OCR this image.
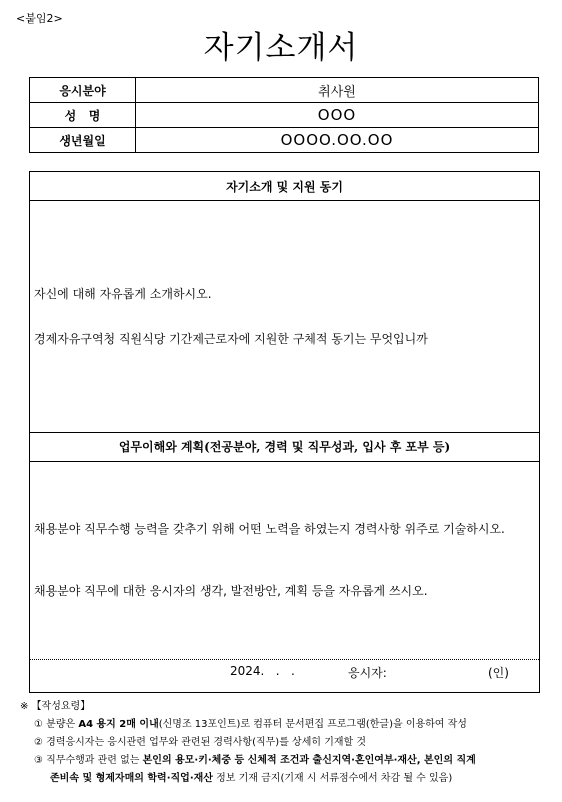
<붙임2>
자기소개서
응시분야	취사원
성   명	OOO
생년월일	OOOO.OO.OO
자기소개 및 지원 동기
자신에 대해 자유롭게 소개하시오.
경제자유구역청 직원식당 기간제근로자에 지원한 구체적 동기는 무엇입니까
업무이해와 계획(전공분야, 경력 및 직무성과, 입사 후 포부 등)
채용분야 직무수행 능력을 갖추기 위해 어떤 노력을 하였는지 경력사항 위주로 기술하시오.
채용분야 직무에 대한 응시자의 생각, 발전방안, 계획 등을 자유롭게 쓰시오.
2024.   .   .	응시자:	(인)
※ 【작성요령】
① 분량은 A4 용지 2매 이내(신명조 13포인트)로 컴퓨터 문서편집 프로그램(한글)을 이용하여 작성
② 경력응시자는 응시관련 업무와 관련된 경력사항(직무)를 상세히 기재할 것
③ 직무수행과 관련 없는 본인의 용모·키·체중 등 신체적 조건과 출신지역·혼인여부·재산, 본인의 직계
존비속 및 형제자매의 학력·직업·재산 정보 기재 금지(기재 시 서류점수에서 차감 될 수 있음)
